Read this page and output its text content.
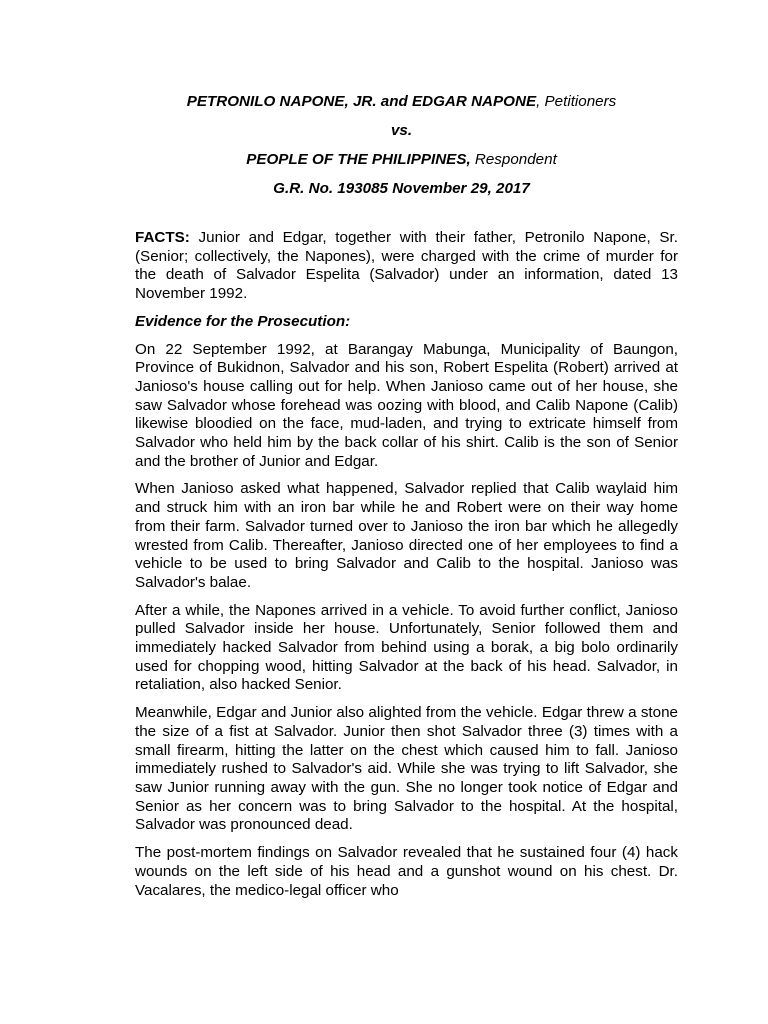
PETRONILO NAPONE, JR. and EDGAR NAPONE, Petitioners

vs.

PEOPLE OF THE PHILIPPINES, Respondent

G.R. No. 193085 November 29, 2017

FACTS: Junior and Edgar, together with their father, Petronilo Napone, Sr. (Senior; collectively, the Napones), were charged with the crime of murder for the death of Salvador Espelita (Salvador) under an information, dated 13 November 1992.

Evidence for the Prosecution:

On 22 September 1992, at Barangay Mabunga, Municipality of Baungon, Province of Bukidnon, Salvador and his son, Robert Espelita (Robert) arrived at Janioso's house calling out for help. When Janioso came out of her house, she saw Salvador whose forehead was oozing with blood, and Calib Napone (Calib) likewise bloodied on the face, mud-laden, and trying to extricate himself from Salvador who held him by the back collar of his shirt. Calib is the son of Senior and the brother of Junior and Edgar.

When Janioso asked what happened, Salvador replied that Calib waylaid him and struck him with an iron bar while he and Robert were on their way home from their farm. Salvador turned over to Janioso the iron bar which he allegedly wrested from Calib. Thereafter, Janioso directed one of her employees to find a vehicle to be used to bring Salvador and Calib to the hospital. Janioso was Salvador's balae.

After a while, the Napones arrived in a vehicle. To avoid further conflict, Janioso pulled Salvador inside her house. Unfortunately, Senior followed them and immediately hacked Salvador from behind using a borak, a big bolo ordinarily used for chopping wood, hitting Salvador at the back of his head. Salvador, in retaliation, also hacked Senior.

Meanwhile, Edgar and Junior also alighted from the vehicle. Edgar threw a stone the size of a fist at Salvador. Junior then shot Salvador three (3) times with a small firearm, hitting the latter on the chest which caused him to fall. Janioso immediately rushed to Salvador's aid. While she was trying to lift Salvador, she saw Junior running away with the gun. She no longer took notice of Edgar and Senior as her concern was to bring Salvador to the hospital. At the hospital, Salvador was pronounced dead.

The post-mortem findings on Salvador revealed that he sustained four (4) hack wounds on the left side of his head and a gunshot wound on his chest. Dr. Vacalares, the medico-legal officer who
